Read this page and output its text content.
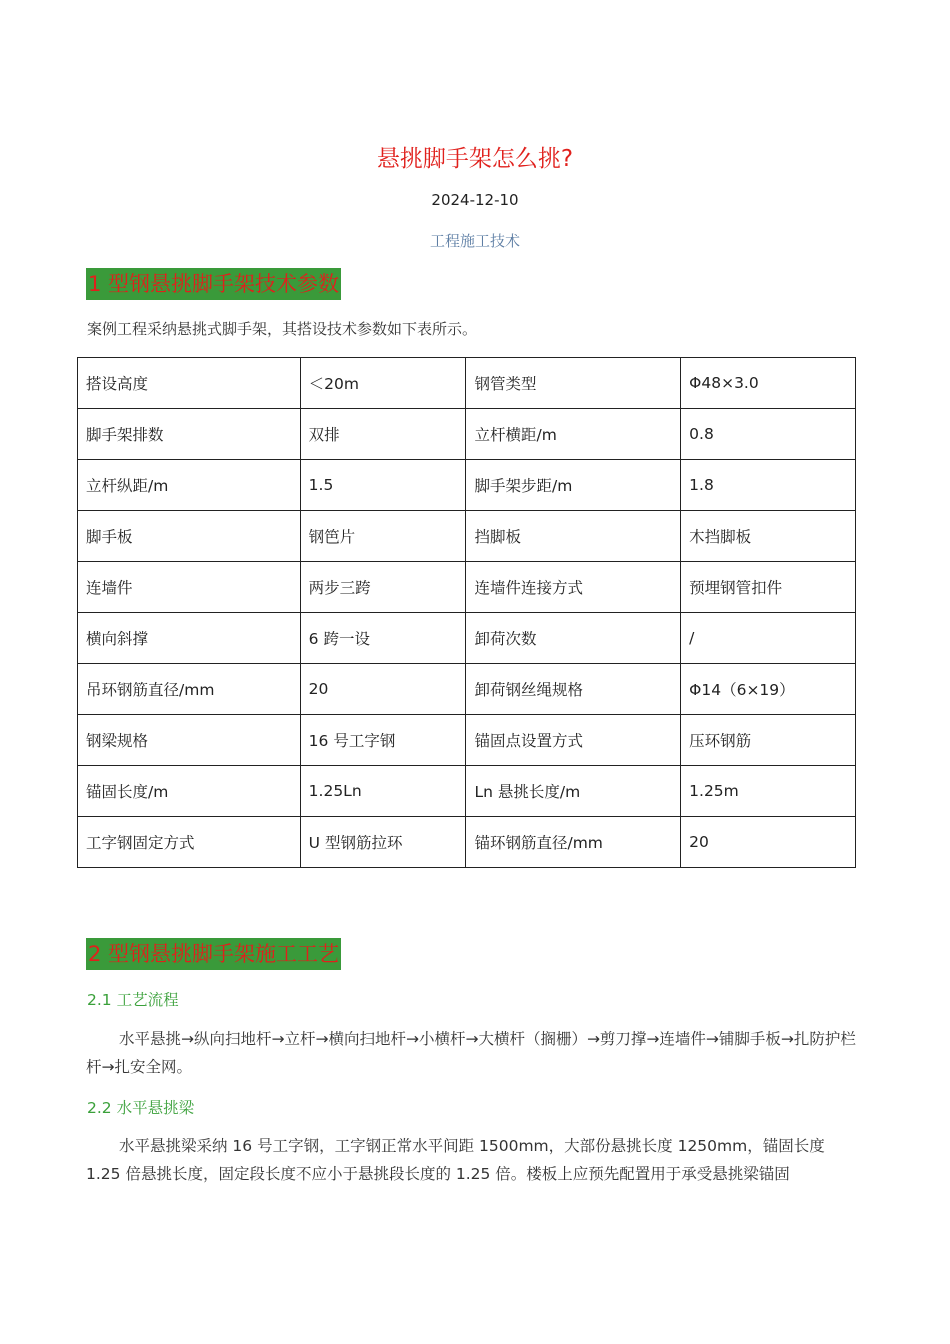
悬挑脚手架怎么挑?
2024-12-10
工程施工技术
1 型钢悬挑脚手架技术参数
案例工程采纳悬挑式脚手架，其搭设技术参数如下表所示。
搭设高度	＜20m	钢管类型	Φ48×3.0
脚手架排数	双排	立杆横距/m	0.8
立杆纵距/m	1.5	脚手架步距/m	1.8
脚手板	钢笆片	挡脚板	木挡脚板
连墙件	两步三跨	连墙件连接方式	预埋钢管扣件
横向斜撑	6 跨一设	卸荷次数	/
吊环钢筋直径/mm	20	卸荷钢丝绳规格	Φ14（6×19）
钢梁规格	16 号工字钢	锚固点设置方式	压环钢筋
锚固长度/m	1.25Ln	Ln 悬挑长度/m	1.25m
工字钢固定方式	U 型钢筋拉环	锚环钢筋直径/mm	20
2 型钢悬挑脚手架施工工艺
2.1 工艺流程
水平悬挑→纵向扫地杆→立杆→横向扫地杆→小横杆→大横杆（搁栅）→剪刀撑→连墙件→铺脚手板→扎防护栏杆→扎安全网。
2.2 水平悬挑梁
水平悬挑梁采纳 16 号工字钢，工字钢正常水平间距 1500mm，大部份悬挑长度 1250mm，锚固长度 1.25 倍悬挑长度，固定段长度不应小于悬挑段长度的 1.25 倍。楼板上应预先配置用于承受悬挑梁锚固
